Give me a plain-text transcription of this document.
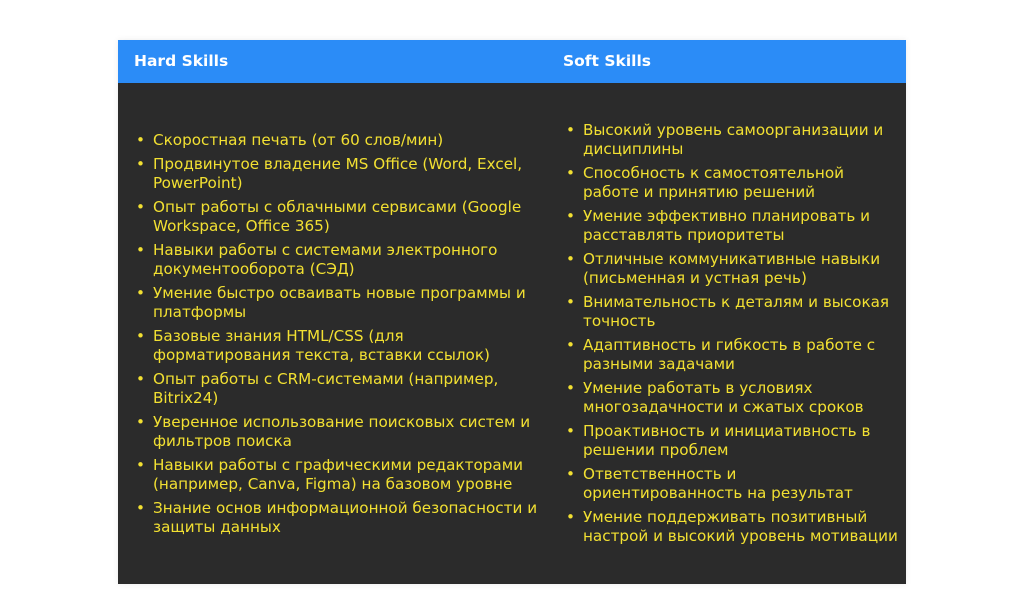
Hard Skills	Soft Skills
• Скоростная печать (от 60 слов/мин)
• Продвинутое владение MS Office (Word, Excel, PowerPoint)
• Опыт работы с облачными сервисами (Google Workspace, Office 365)
• Навыки работы с системами электронного документооборота (СЭД)
• Умение быстро осваивать новые программы и платформы
• Базовые знания HTML/CSS (для форматирования текста, вставки ссылок)
• Опыт работы с CRM-системами (например, Bitrix24)
• Уверенное использование поисковых систем и фильтров поиска
• Навыки работы с графическими редакторами (например, Canva, Figma) на базовом уровне
• Знание основ информационной безопасности и защиты данных
• Высокий уровень самоорганизации и дисциплины
• Способность к самостоятельной работе и принятию решений
• Умение эффективно планировать и расставлять приоритеты
• Отличные коммуникативные навыки (письменная и устная речь)
• Внимательность к деталям и высокая точность
• Адаптивность и гибкость в работе с разными задачами
• Умение работать в условиях многозадачности и сжатых сроков
• Проактивность и инициативность в решении проблем
• Ответственность и ориентированность на результат
• Умение поддерживать позитивный настрой и высокий уровень мотивации
